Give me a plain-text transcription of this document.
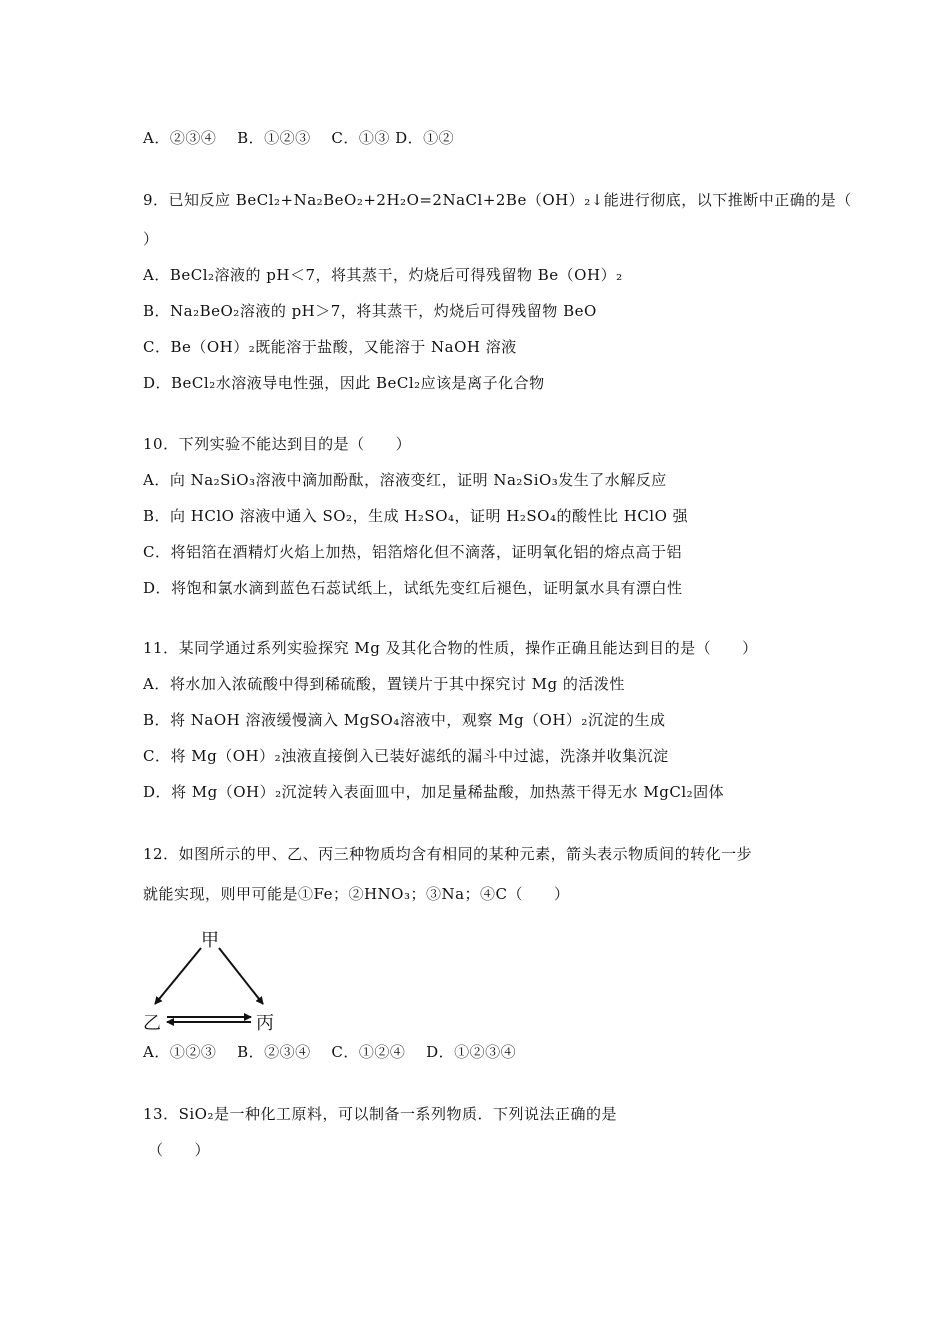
A．②③④　 B．①②③　 C．①③ D．①②
9．已知反应 BeCl₂+Na₂BeO₂+2H₂O=2NaCl+2Be（OH）₂↓能进行彻底，以下推断中正确的是（
）
A．BeCl₂溶液的 pH＜7，将其蒸干，灼烧后可得残留物 Be（OH）₂
B．Na₂BeO₂溶液的 pH＞7，将其蒸干，灼烧后可得残留物 BeO
C．Be（OH）₂既能溶于盐酸，又能溶于 NaOH 溶液
D．BeCl₂水溶液导电性强，因此 BeCl₂应该是离子化合物
10．下列实验不能达到目的是（　　）
A．向 Na₂SiO₃溶液中滴加酚酞，溶液变红，证明 Na₂SiO₃发生了水解反应
B．向 HClO 溶液中通入 SO₂，生成 H₂SO₄，证明 H₂SO₄的酸性比 HClO 强
C．将铝箔在酒精灯火焰上加热，铝箔熔化但不滴落，证明氧化铝的熔点高于铝
D．将饱和氯水滴到蓝色石蕊试纸上，试纸先变红后褪色，证明氯水具有漂白性
11．某同学通过系列实验探究 Mg 及其化合物的性质，操作正确且能达到目的是（　　）
A．将水加入浓硫酸中得到稀硫酸，置镁片于其中探究讨 Mg 的活泼性
B．将 NaOH 溶液缓慢滴入 MgSO₄溶液中，观察 Mg（OH）₂沉淀的生成
C．将 Mg（OH）₂浊液直接倒入已装好滤纸的漏斗中过滤，洗涤并收集沉淀
D．将 Mg（OH）₂沉淀转入表面皿中，加足量稀盐酸，加热蒸干得无水 MgCl₂固体
12．如图所示的甲、乙、丙三种物质均含有相同的某种元素，箭头表示物质间的转化一步
就能实现，则甲可能是①Fe；②HNO₃；③Na；④C（　　）
甲
乙	丙
A．①②③　 B．②③④　 C．①②④　 D．①②③④
13．SiO₂是一种化工原料，可以制备一系列物质．下列说法正确的是
（　　）
